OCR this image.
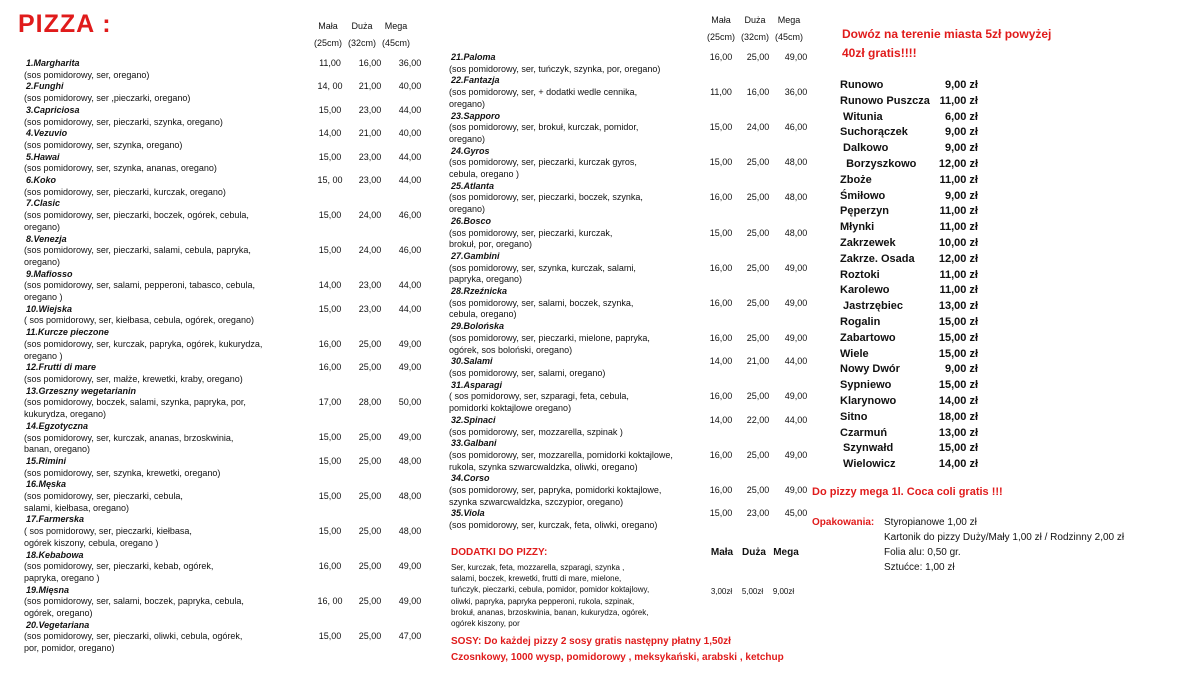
PIZZA :	Mała Duża Mega
(25cm) (32cm) (45cm)
Mała Duża Mega
(25cm) (32cm) (45cm)
1.Margharita
(sos pomidorowy, ser, oregano)
11,00 16,00 36,00
2.Funghi
(sos pomidorowy, ser ,pieczarki, oregano)
14, 00 21,00 40,00
3.Capriciosa
(sos pomidorowy, ser, pieczarki, szynka, oregano)
15,00 23,00 44,00
4.Vezuvio
(sos pomidorowy, ser, szynka, oregano)
14,00 21,00 40,00
5.Hawai
(sos pomidorowy, ser, szynka, ananas, oregano)
15,00 23,00 44,00
6.Koko
(sos pomidorowy, ser, pieczarki, kurczak, oregano)
15, 00 23,00 44,00
7.Clasic
(sos pomidorowy, ser, pieczarki, boczek, ogórek, cebula,
oregano)
15,00 24,00 46,00
8.Venezja
(sos pomidorowy, ser, pieczarki, salami, cebula, papryka,
oregano)
15,00 24,00 46,00
9.Mafiosso
(sos pomidorowy, ser, salami, pepperoni, tabasco, cebula,
oregano )
14,00 23,00 44,00
10.Wiejska
( sos pomidorowy, ser, kiełbasa, cebula, ogórek, oregano)
15,00 23,00 44,00
11.Kurcze pieczone
(sos pomidorowy, ser, kurczak, papryka, ogórek, kukurydza,
oregano )
16,00 25,00 49,00
12.Frutti di mare
(sos pomidorowy, ser, małże, krewetki, kraby, oregano)
16,00 25,00 49,00
13.Grzeszny wegetarianin
(sos pomidorowy, boczek, salami, szynka, papryka, por,
kukurydza, oregano)
17,00 28,00 50,00
14.Egzotyczna
(sos pomidorowy, ser, kurczak, ananas, brzoskwinia,
banan, oregano)
15,00 25,00 49,00
15.Rimini
(sos pomidorowy, ser, szynka, krewetki, oregano)
15,00 25,00 48,00
16.Męska
(sos pomidorowy, ser, pieczarki, cebula,
salami, kiełbasa, oregano)
15,00 25,00 48,00
17.Farmerska
( sos pomidorowy, ser, pieczarki, kiełbasa,
ogórek kiszony, cebula, oregano )
15,00 25,00 48,00
18.Kebabowa
(sos pomidorowy, ser, pieczarki, kebab, ogórek,
papryka, oregano )
16,00 25,00 49,00
19.Mięsna
(sos pomidorowy, ser, salami, boczek, papryka, cebula,
ogórek, oregano)
16, 00 25,00 49,00
20.Vegetariana
(sos pomidorowy, ser, pieczarki, oliwki, cebula, ogórek,
por, pomidor, oregano)
15,00 25,00 47,00
21.Paloma
(sos pomidorowy, ser, tuńczyk, szynka, por, oregano)
16,00 25,00 49,00
22.Fantazja
(sos pomidorowy, ser, + dodatki wedle cennika,
oregano)
11,00 16,00 36,00
23.Sapporo
(sos pomidorowy, ser, brokuł, kurczak, pomidor,
oregano)
15,00 24,00 46,00
24.Gyros
(sos pomidorowy, ser, pieczarki, kurczak gyros,
cebula, oregano )
15,00 25,00 48,00
25.Atlanta
(sos pomidorowy, ser, pieczarki, boczek, szynka,
oregano)
16,00 25,00 48,00
26.Bosco
(sos pomidorowy, ser, pieczarki, kurczak,
brokuł, por, oregano)
15,00 25,00 48,00
27.Gambini
(sos pomidorowy, ser, szynka, kurczak, salami,
papryka, oregano)
16,00 25,00 49,00
28.Rzeźnicka
(sos pomidorowy, ser, salami, boczek, szynka,
cebula, oregano)
16,00 25,00 49,00
29.Bolońska
(sos pomidorowy, ser, pieczarki, mielone, papryka,
ogórek, sos boloński, oregano)
16,00 25,00 49,00
30.Salami
(sos pomidorowy, ser, salami, oregano)
14,00 21,00 44,00
31.Asparagi
( sos pomidorowy, ser, szparagi, feta, cebula,
pomidorki koktajlowe oregano)
16,00 25,00 49,00
32.Spinaci
(sos pomidorowy, ser, mozzarella, szpinak )
14,00 22,00 44,00
33.Galbani
(sos pomidorowy, ser, mozzarella, pomidorki koktajlowe,
rukola, szynka szwarcwaldzka, oliwki, oregano)
16,00 25,00 49,00
34.Corso
(sos pomidorowy, ser, papryka, pomidorki koktajlowe,
szynka szwarcwaldzka, szczypior, oregano)
16,00 25,00 49,00
35.Viola
(sos pomidorowy, ser, kurczak, feta, oliwki, oregano)
15,00 23,00 45,00
DODATKI DO PIZZY:	Mała Duża Mega
Ser, kurczak, feta, mozzarella, szparagi, szynka ,
salami, boczek, krewetki, frutti di mare, mielone,
tuńczyk, pieczarki, cebula, pomidor, pomidor koktajlowy,
oliwki, papryka, papryka pepperoni, rukola, szpinak,
brokuł, ananas, brzoskwinia, banan, kukurydza, ogórek,
ogórek kiszony, por
3,00zł 5,00zł 9,00zł
SOSY: Do każdej pizzy 2 sosy gratis następny płatny 1,50zł
Czosnkowy, 1000 wysp, pomidorowy , meksykański, arabski , ketchup
Dowóz na terenie miasta 5zł powyżej
40zł gratis!!!!
Runowo	9,00 zł
Runowo Puszcza 11,00 zł
Witunia	6,00 zł
Suchorączek	9,00 zł
Dalkowo	9,00 zł
Borzyszkowo 12,00 zł
Zboże	11,00 zł
Śmiłowo	9,00 zł
Pęperzyn	11,00 zł
Młynki	11,00 zł
Zakrzewek	10,00 zł
Zakrze. Osada 12,00 zł
Roztoki	11,00 zł
Karolewo	11,00 zł
Jastrzębiec	13,00 zł
Rogalin	15,00 zł
Zabartowo	15,00 zł
Wiele	15,00 zł
Nowy Dwór	9,00 zł
Sypniewo	15,00 zł
Klarynowo	14,00 zł
Sitno	18,00 zł
Czarmuń	13,00 zł
Szynwałd	15,00 zł
Wielowicz	14,00 zł
Do pizzy mega 1l. Coca coli gratis !!!
Opakowania: Styropianowe 1,00 zł
Kartonik do pizzy Duży/Mały 1,00 zł / Rodzinny 2,00 zł
Folia alu: 0,50 gr.
Sztućce: 1,00 zł
